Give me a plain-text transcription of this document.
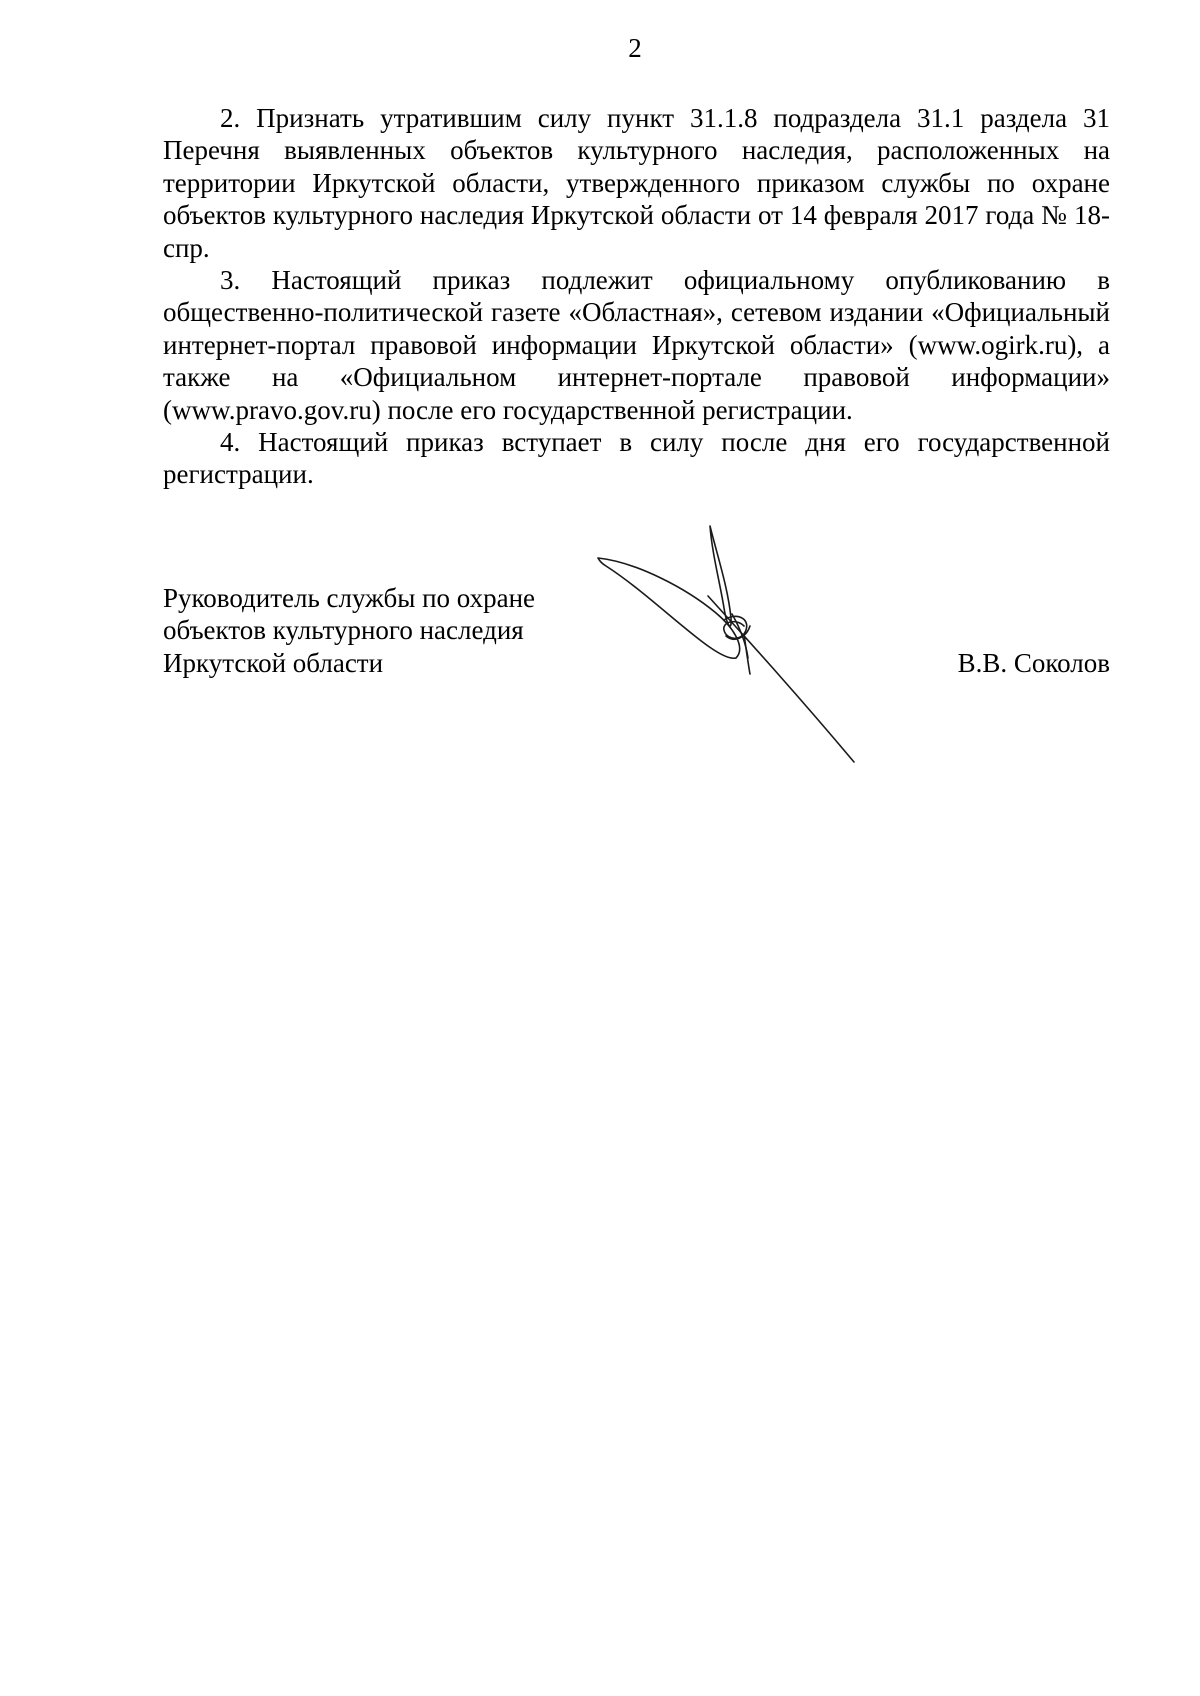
2

2. Признать утратившим силу пункт 31.1.8 подраздела 31.1 раздела 31 Перечня выявленных объектов культурного наследия, расположенных на территории Иркутской области, утвержденного приказом службы по охране объектов культурного наследия Иркутской области от 14 февраля 2017 года № 18-спр.

3. Настоящий приказ подлежит официальному опубликованию в общественно-политической газете «Областная», сетевом издании «Официальный интернет-портал правовой информации Иркутской области» (www.ogirk.ru), а также на «Официальном интернет-портале правовой информации» (www.pravo.gov.ru) после его государственной регистрации.

4. Настоящий приказ вступает в силу после дня его государственной регистрации.

Руководитель службы по охране
объектов культурного наследия
Иркутской области	В.В. Соколов
